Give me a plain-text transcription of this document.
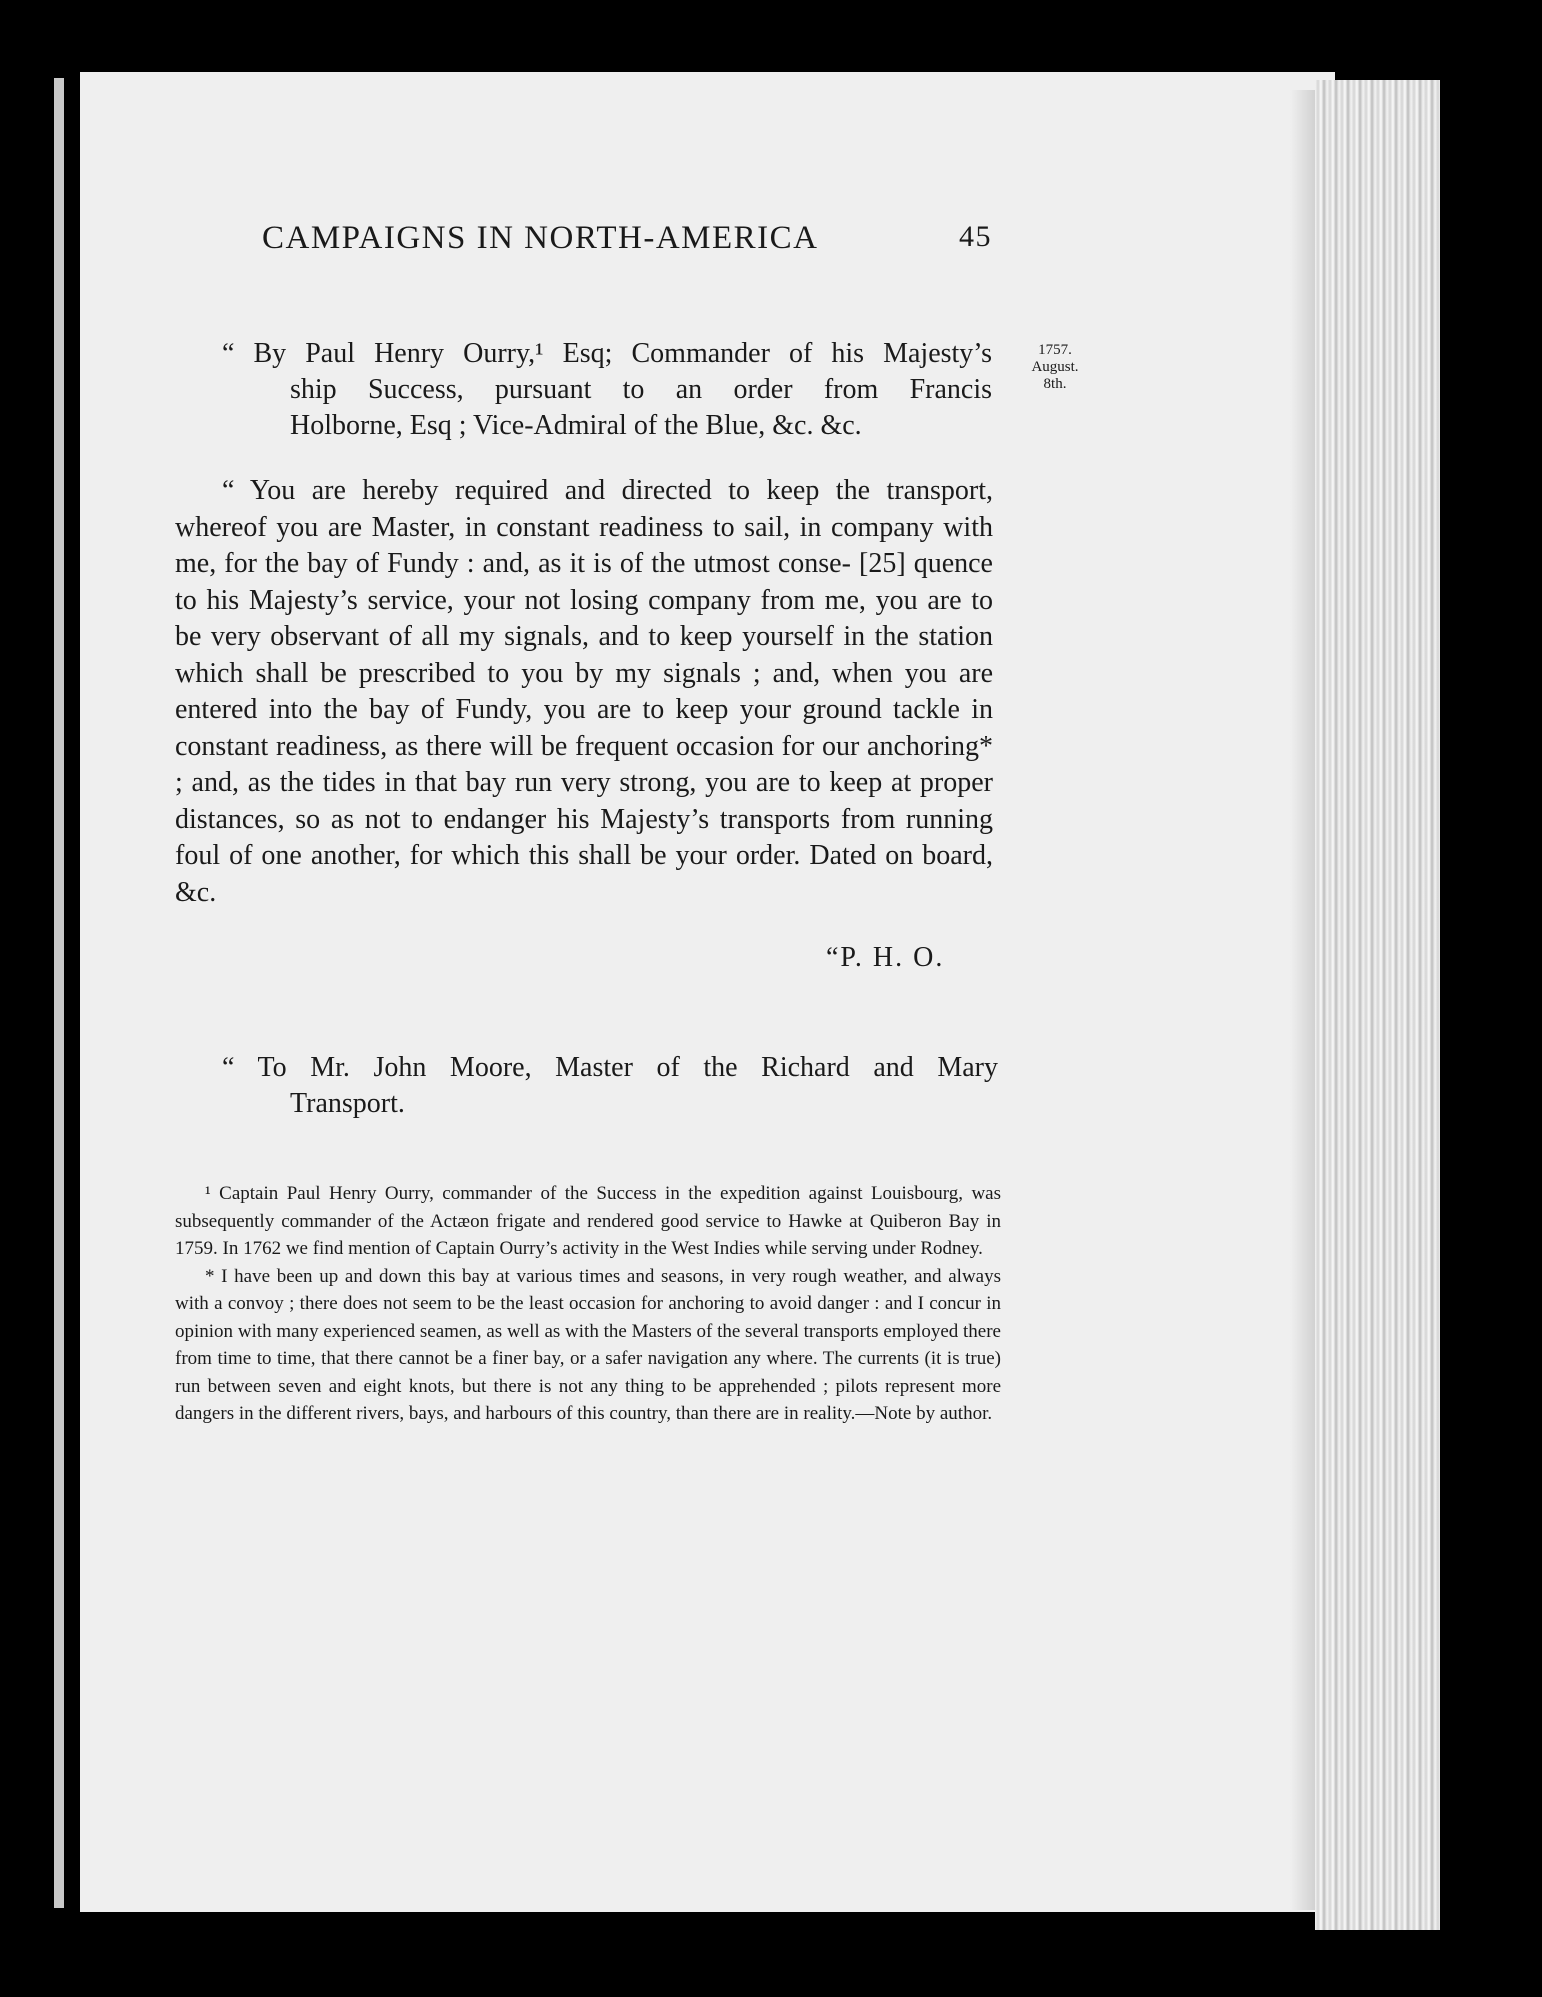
CAMPAIGNS IN NORTH-AMERICA	45
1757.
August.
8th.
“ By Paul Henry Ourry,¹ Esq; Commander of his Majesty’s
ship Success, pursuant to an order from Francis
Holborne, Esq ; Vice-Admiral of the Blue, &c. &c.

“ You are hereby required and directed to keep the transport, whereof you are Master, in constant readiness to sail, in company with me, for the bay of Fundy : and, as it is of the utmost conse- [25] quence to his Majesty’s service, your not losing company from me, you are to be very observant of all my signals, and to keep yourself in the station which shall be prescribed to you by my signals ; and, when you are entered into the bay of Fundy, you are to keep your ground tackle in constant readiness, as there will be frequent occasion for our anchoring* ; and, as the tides in that bay run very strong, you are to keep at proper distances, so as not to endanger his Majesty’s transports from running foul of one another, for which this shall be your order. Dated on board, &c.

“P. H. O.
“ To Mr. John Moore, Master of the Richard and Mary
Transport.

¹ Captain Paul Henry Ourry, commander of the Success in the expedition against Louisbourg, was subsequently commander of the Actæon frigate and rendered good service to Hawke at Quiberon Bay in 1759. In 1762 we find mention of Captain Ourry’s activity in the West Indies while serving under Rodney.

* I have been up and down this bay at various times and seasons, in very rough weather, and always with a convoy ; there does not seem to be the least occasion for anchoring to avoid danger : and I concur in opinion with many experienced seamen, as well as with the Masters of the several transports employed there from time to time, that there cannot be a finer bay, or a safer navigation any where. The currents (it is true) run between seven and eight knots, but there is not any thing to be apprehended ; pilots represent more dangers in the different rivers, bays, and harbours of this country, than there are in reality.—Note by author.
